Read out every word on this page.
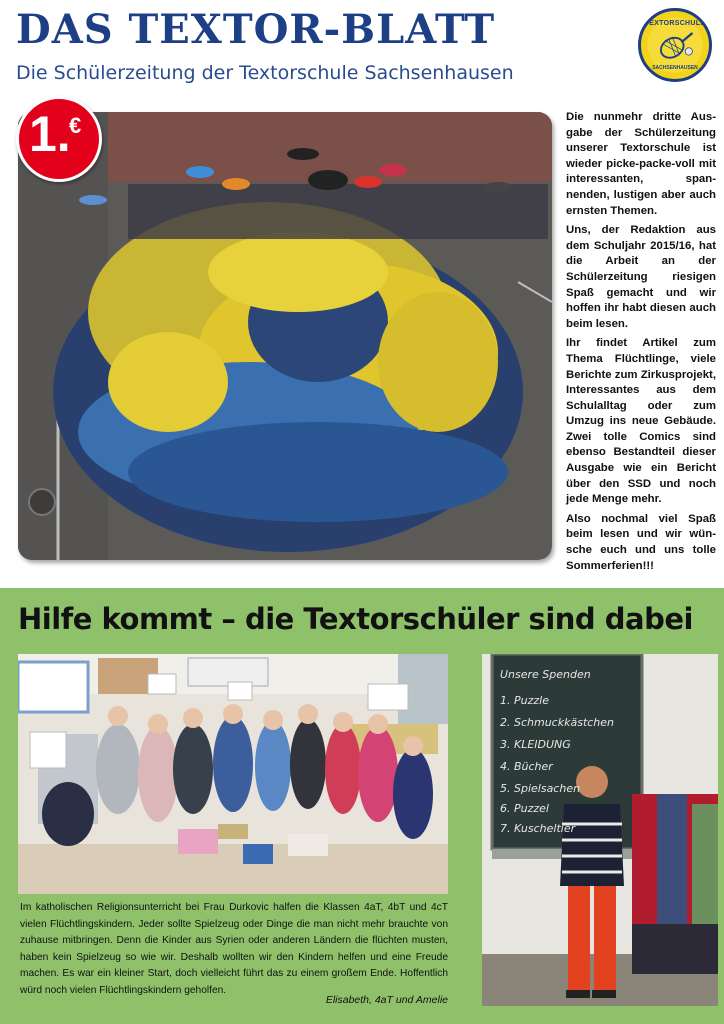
DAS TEXTOR-BLATT
Die Schülerzeitung der Textorschule Sachsenhausen
TEXTORSCHULE
SACHSENHAUSEN
1.
€	Die nunmehr dritte Ausgabe der Schülerzeitung unserer Textorschule ist wieder picke-packe-voll mit interessanten, spannenden, lustigen aber auch ernsten Themen.

Uns, der Redaktion aus dem Schuljahr 2015/16, hat die Arbeit an der Schülerzeitung riesigen Spaß gemacht und wir hoffen ihr habt diesen auch beim lesen.

Ihr findet Artikel zum Thema Flüchtlinge, viele Berichte zum Zirkusprojekt, Interessantes aus dem Schulalltag oder zum Umzug ins neue Gebäude. Zwei tolle Comics sind ebenso Bestandteil dieser Ausgabe wie ein Bericht über den SSD und noch jede Menge mehr.

Also nochmal viel Spaß beim lesen und wir wünsche euch und uns tolle Sommerferien!!!

Hilfe kommt – die Textorschüler sind dabei
Unsere Spenden
1. Puzzle
2. Schmuckkästchen
3. KLEIDUNG
4. Bücher
5. Spielsachen
6. Puzzel
7. Kuscheltier
Im katholischen Religionsunterricht bei Frau Durkovic halfen die Klassen 4aT, 4bT und 4cT vielen Flüchtlingskindern. Jeder sollte Spielzeug oder Dinge die man nicht mehr brauchte von zuhause mitbringen. Denn die Kinder aus Syrien oder anderen Ländern die flüchten musten, haben kein Spielzeug so wie wir. Deshalb wollten wir den Kindern helfen und eine Freude machen. Es war ein kleiner Start, doch vielleicht führt das zu einem großem Ende. Hoffentlich würd noch vielen Flüchtlingskindern geholfen.
Elisabeth, 4aT und Amelie
